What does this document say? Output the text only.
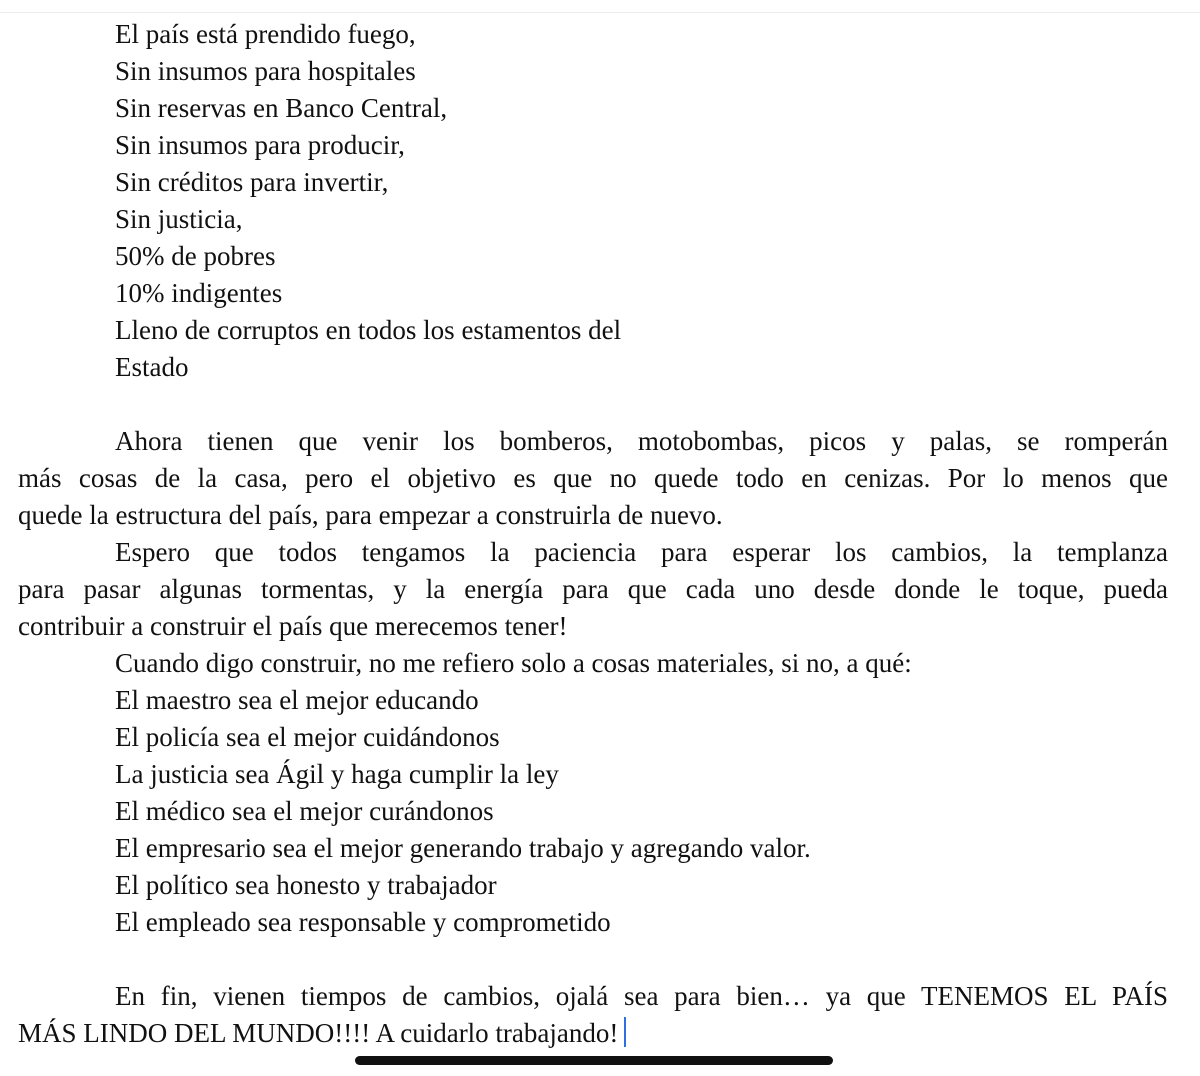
El país está prendido fuego,
Sin insumos para hospitales
Sin reservas en Banco Central,
Sin insumos para producir,
Sin créditos para invertir,
Sin justicia,
50% de pobres
10% indigentes
Lleno de corruptos en todos los estamentos del
Estado
Ahora tienen que venir los bomberos, motobombas, picos y palas, se romperán
más cosas de la casa, pero el objetivo es que no quede todo en cenizas. Por lo menos que
quede la estructura del país, para empezar a construirla de nuevo.
Espero que todos tengamos la paciencia para esperar los cambios, la templanza
para pasar algunas tormentas, y la energía para que cada uno desde donde le toque, pueda
contribuir a construir el país que merecemos tener!
Cuando digo construir, no me refiero solo a cosas materiales, si no, a qué:
El maestro sea el mejor educando
El policía sea el mejor cuidándonos
La justicia sea Ágil y haga cumplir la ley
El médico sea el mejor curándonos
El empresario sea el mejor generando trabajo y agregando valor.
El político sea honesto y trabajador
El empleado sea responsable y comprometido
En fin, vienen tiempos de cambios, ojalá sea para bien… ya que TENEMOS EL PAÍS
MÁS LINDO DEL MUNDO!!!! A cuidarlo trabajando!
